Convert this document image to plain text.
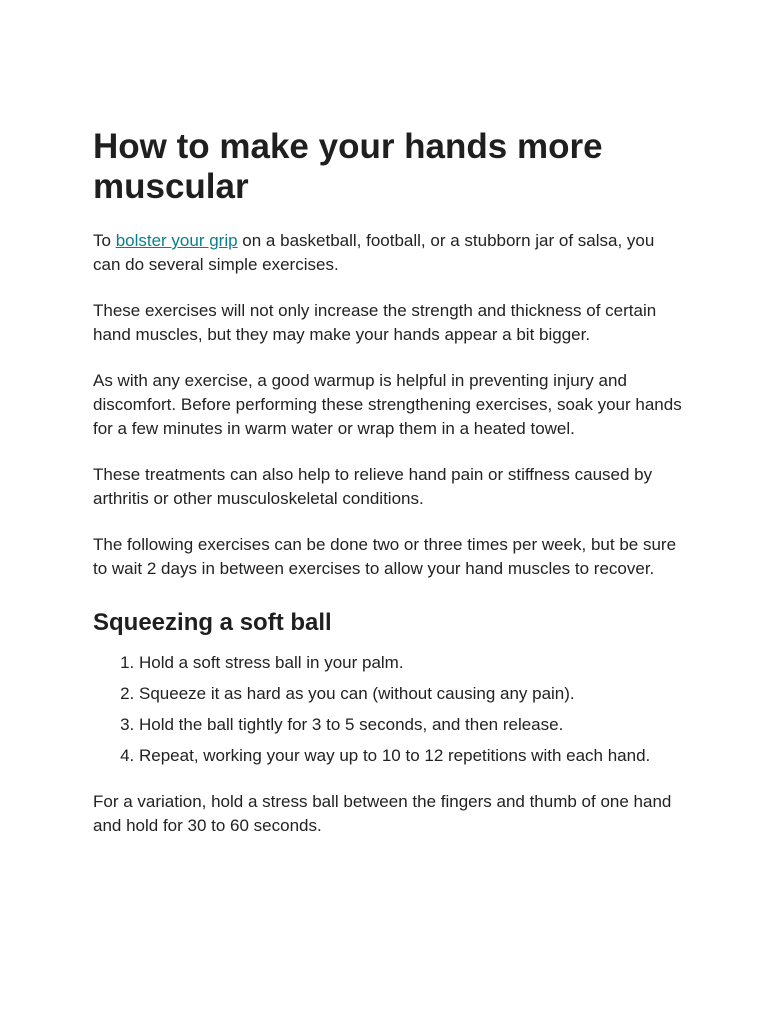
How to make your hands more muscular

To bolster your grip on a basketball, football, or a stubborn jar of salsa, you can do several simple exercises.

These exercises will not only increase the strength and thickness of certain hand muscles, but they may make your hands appear a bit bigger.

As with any exercise, a good warmup is helpful in preventing injury and discomfort. Before performing these strengthening exercises, soak your hands for a few minutes in warm water or wrap them in a heated towel.

These treatments can also help to relieve hand pain or stiffness caused by arthritis or other musculoskeletal conditions.

The following exercises can be done two or three times per week, but be sure to wait 2 days in between exercises to allow your hand muscles to recover.

Squeezing a soft ball
1. Hold a soft stress ball in your palm.
2. Squeeze it as hard as you can (without causing any pain).
3. Hold the ball tightly for 3 to 5 seconds, and then release.
4. Repeat, working your way up to 10 to 12 repetitions with each hand.

For a variation, hold a stress ball between the fingers and thumb of one hand and hold for 30 to 60 seconds.
